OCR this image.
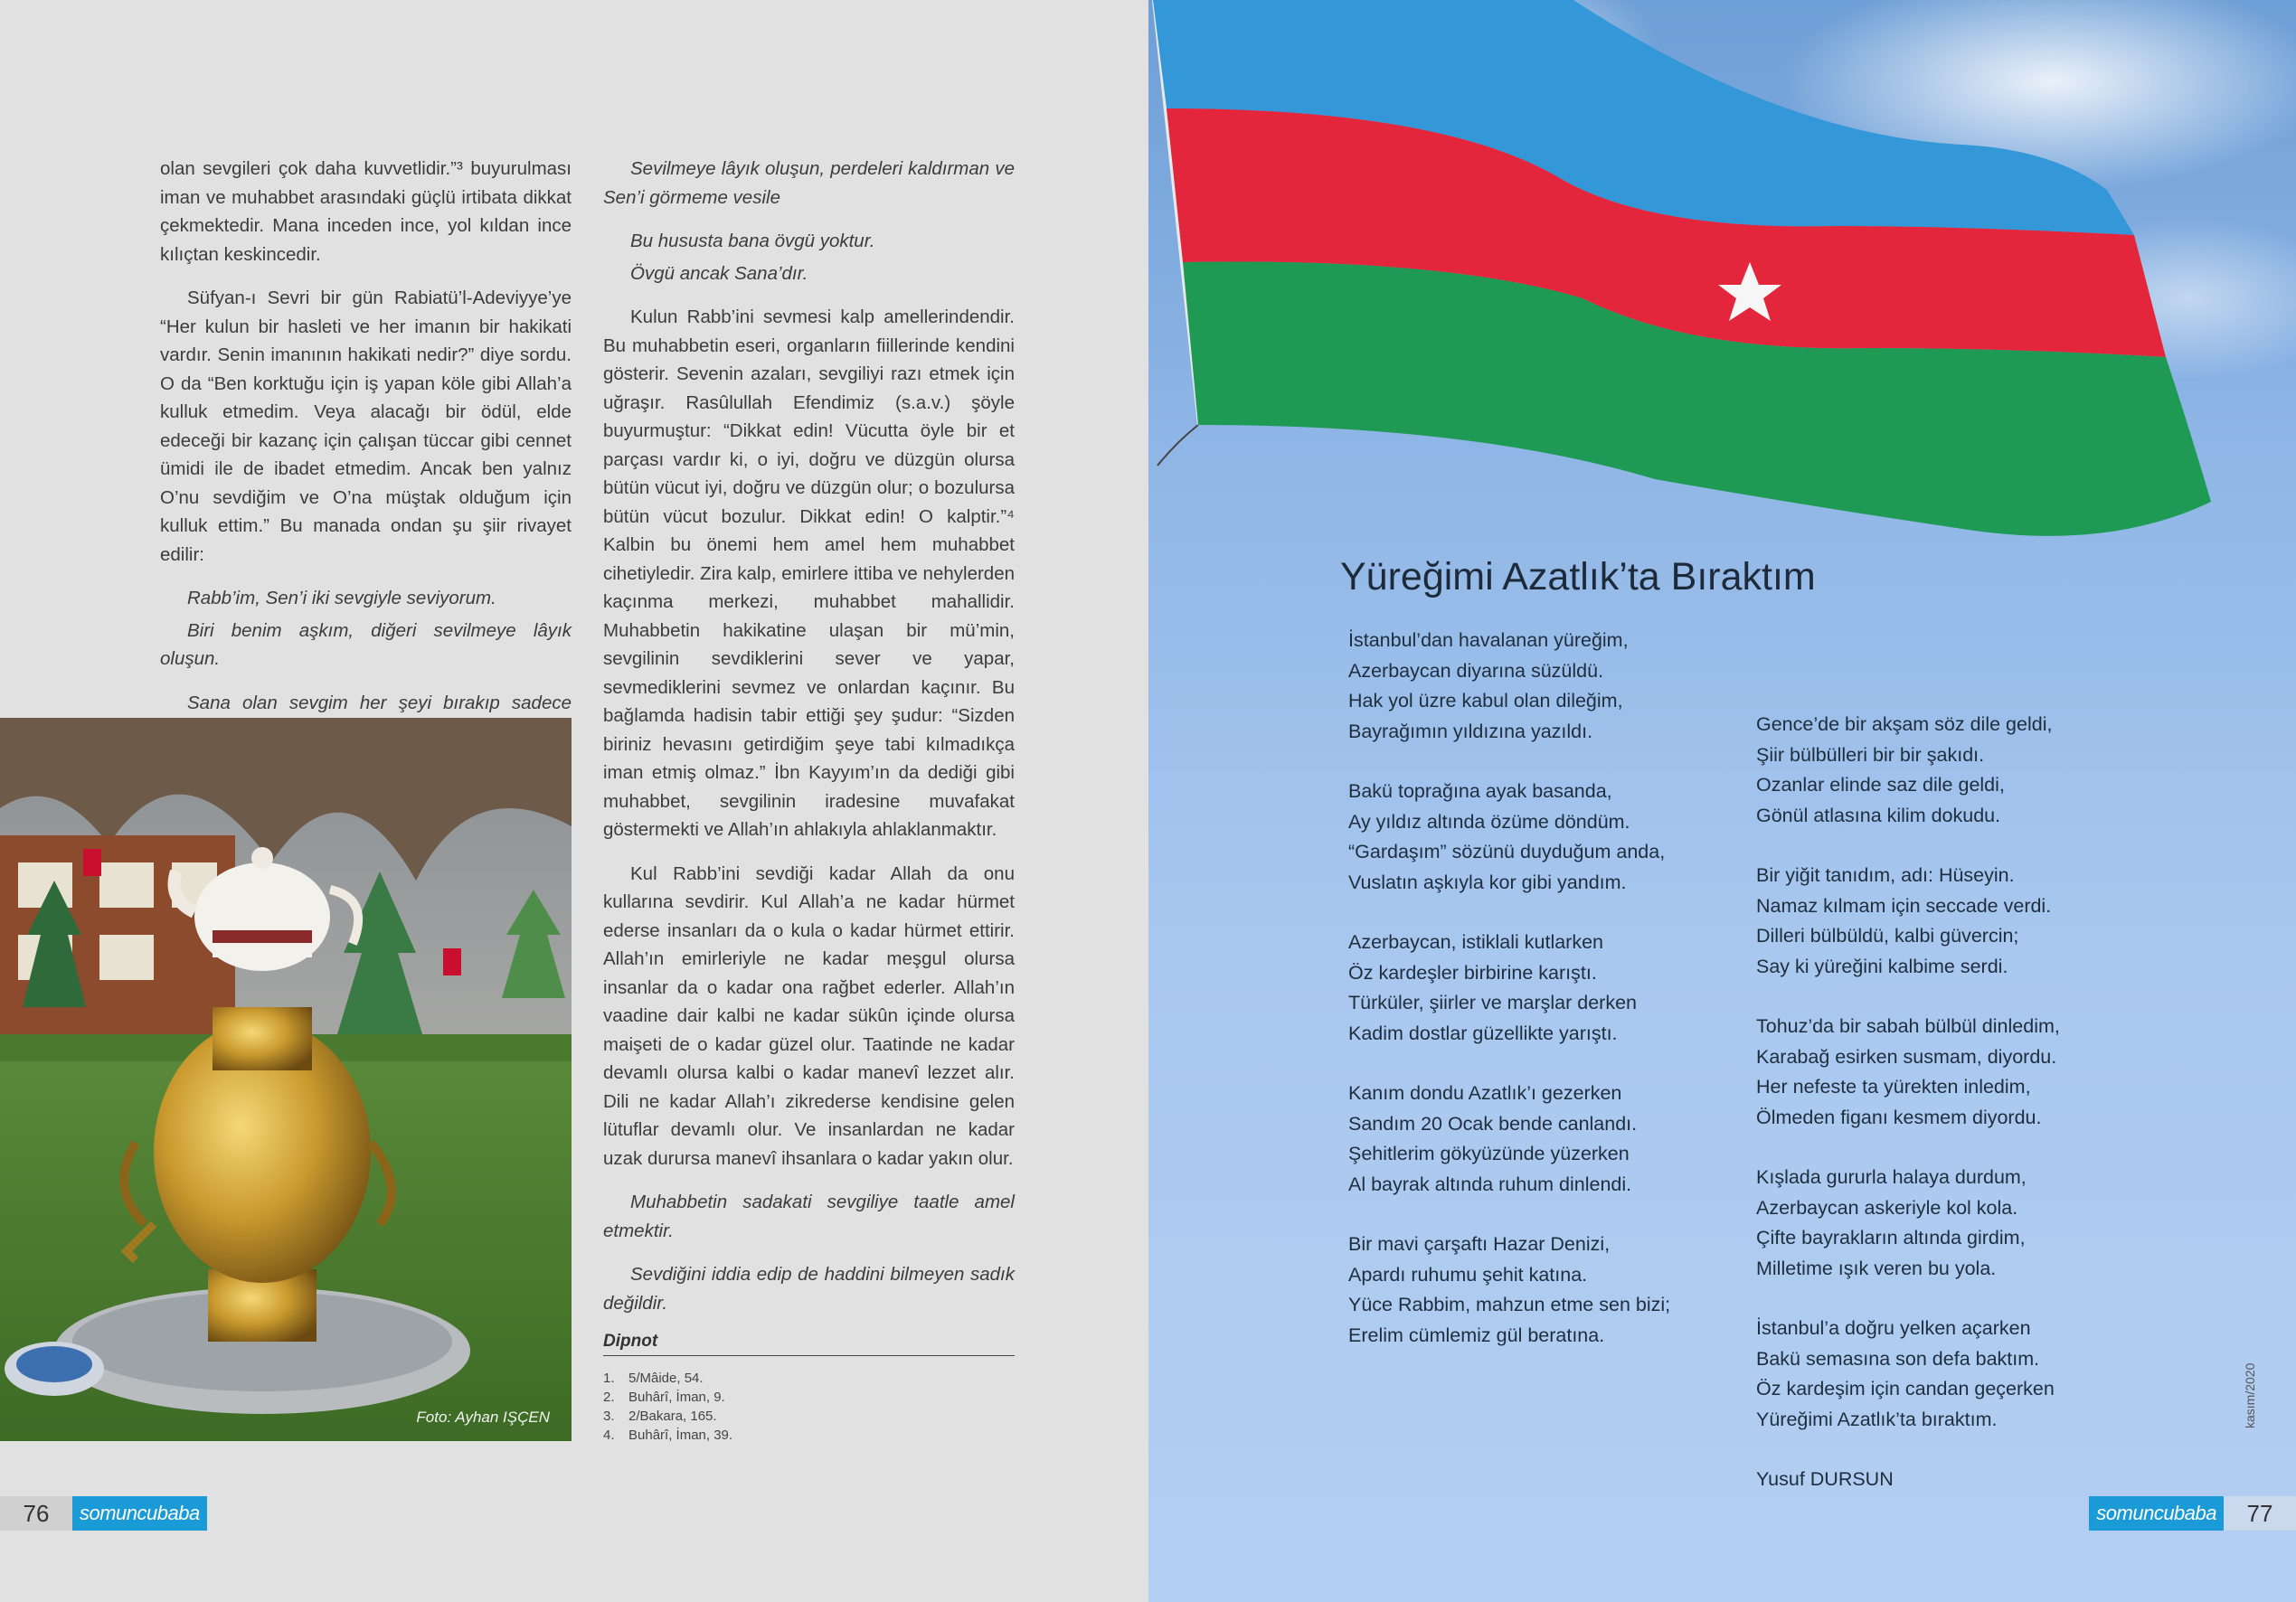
olan sevgileri çok daha kuvvetlidir.”³ buyurulması iman ve muhabbet arasındaki güçlü irtibata dikkat çekmektedir. Mana inceden ince, yol kıldan ince kılıçtan keskincedir.

Süfyan-ı Sevri bir gün Rabiatü’l-Adeviyye’ye “Her kulun bir hasleti ve her imanın bir hakikati vardır. Senin imanının hakikati nedir?” diye sordu. O da “Ben korktuğu için iş yapan köle gibi Allah’a kulluk etmedim. Veya alacağı bir ödül, elde edeceği bir kazanç için çalışan tüccar gibi cennet ümidi ile de ibadet etmedim. Ancak ben yalnız O’nu sevdiğim ve O’na müştak olduğum için kulluk ettim.” Bu manada ondan şu şiir rivayet edilir:

Rabb’im, Sen’i iki sevgiyle seviyorum.

Biri benim aşkım, diğeri sevilmeye lâyık oluşun.

Sana olan sevgim her şeyi bırakıp sadece

Sevilmeye lâyık oluşun, perdeleri kaldırman ve Sen’i görmeme vesile

Bu hususta bana övgü yoktur.

Övgü ancak Sana’dır.

Kulun Rabb’ini sevmesi kalp amellerindendir. Bu muhabbetin eseri, organların fiillerinde kendini gösterir. Sevenin azaları, sevgiliyi razı etmek için uğraşır. Rasûlullah Efendimiz (s.a.v.) şöyle buyurmuştur: “Dikkat edin! Vücutta öyle bir et parçası vardır ki, o iyi, doğru ve düzgün olursa bütün vücut iyi, doğru ve düzgün olur; o bozulursa bütün vücut bozulur. Dikkat edin! O kalptir.”⁴ Kalbin bu önemi hem amel hem muhabbet cihetiyledir. Zira kalp, emirlere ittiba ve nehylerden kaçınma merkezi, muhabbet mahallidir. Muhabbetin hakikatine ulaşan bir mü’min, sevgilinin sevdiklerini sever ve yapar, sevmediklerini sevmez ve onlardan kaçınır. Bu bağlamda hadisin tabir ettiği şey şudur: “Sizden biriniz hevasını getirdiğim şeye tabi kılmadıkça iman etmiş olmaz.” İbn Kayyım’ın da dediği gibi muhabbet, sevgilinin iradesine muvafakat göstermekti ve Allah’ın ahlakıyla ahlaklanmaktır.

Kul Rabb’ini sevdiği kadar Allah da onu kullarına sevdirir. Kul Allah’a ne kadar hürmet ederse insanları da o kula o kadar hürmet ettirir. Allah’ın emirleriyle ne kadar meşgul olursa insanlar da o kadar ona rağbet ederler. Allah’ın vaadine dair kalbi ne kadar sükûn içinde olursa maişeti de o kadar güzel olur. Taatinde ne kadar devamlı olursa kalbi o kadar manevî lezzet alır. Dili ne kadar Allah’ı zikrederse kendisine gelen lütuflar devamlı olur. Ve insanlardan ne kadar uzak durursa manevî ihsanlara o kadar yakın olur.

Muhabbetin sadakati sevgiliye taatle amel etmektir.

Sevdiğini iddia edip de haddini bilmeyen sadık değildir.

Foto: Ayhan IŞÇEN
Dipnot
1. 5/Mâide, 54.
2. Buhârî, İman, 9.
3. 2/Bakara, 165.
4. Buhârî, İman, 39.
76	somuncubaba
Yüreğimi Azatlık’ta Bıraktım
İstanbul’dan havalanan yüreğim,
Azerbaycan diyarına süzüldü.
Hak yol üzre kabul olan dileğim,
Bayrağımın yıldızına yazıldı.
Bakü toprağına ayak basanda,
Ay yıldız altında özüme döndüm.
“Gardaşım” sözünü duyduğum anda,
Vuslatın aşkıyla kor gibi yandım.
Azerbaycan, istiklali kutlarken
Öz kardeşler birbirine karıştı.
Türküler, şiirler ve marşlar derken
Kadim dostlar güzellikte yarıştı.
Kanım dondu Azatlık’ı gezerken
Sandım 20 Ocak bende canlandı.
Şehitlerim gökyüzünde yüzerken
Al bayrak altında ruhum dinlendi.
Bir mavi çarşaftı Hazar Denizi,
Apardı ruhumu şehit katına.
Yüce Rabbim, mahzun etme sen bizi;
Erelim cümlemiz gül beratına.
Gence’de bir akşam söz dile geldi,
Şiir bülbülleri bir bir şakıdı.
Ozanlar elinde saz dile geldi,
Gönül atlasına kilim dokudu.
Bir yiğit tanıdım, adı: Hüseyin.
Namaz kılmam için seccade verdi.
Dilleri bülbüldü, kalbi güvercin;
Say ki yüreğini kalbime serdi.
Tohuz’da bir sabah bülbül dinledim,
Karabağ esirken susmam, diyordu.
Her nefeste ta yürekten inledim,
Ölmeden figanı kesmem diyordu.
Kışlada gururla halaya durdum,
Azerbaycan askeriyle kol kola.
Çifte bayrakların altında girdim,
Milletime ışık veren bu yola.
İstanbul’a doğru yelken açarken
Bakü semasına son defa baktım.
Öz kardeşim için candan geçerken
Yüreğimi Azatlık’ta bıraktım.
Yusuf DURSUN
kasım/2020
somuncubaba	77
